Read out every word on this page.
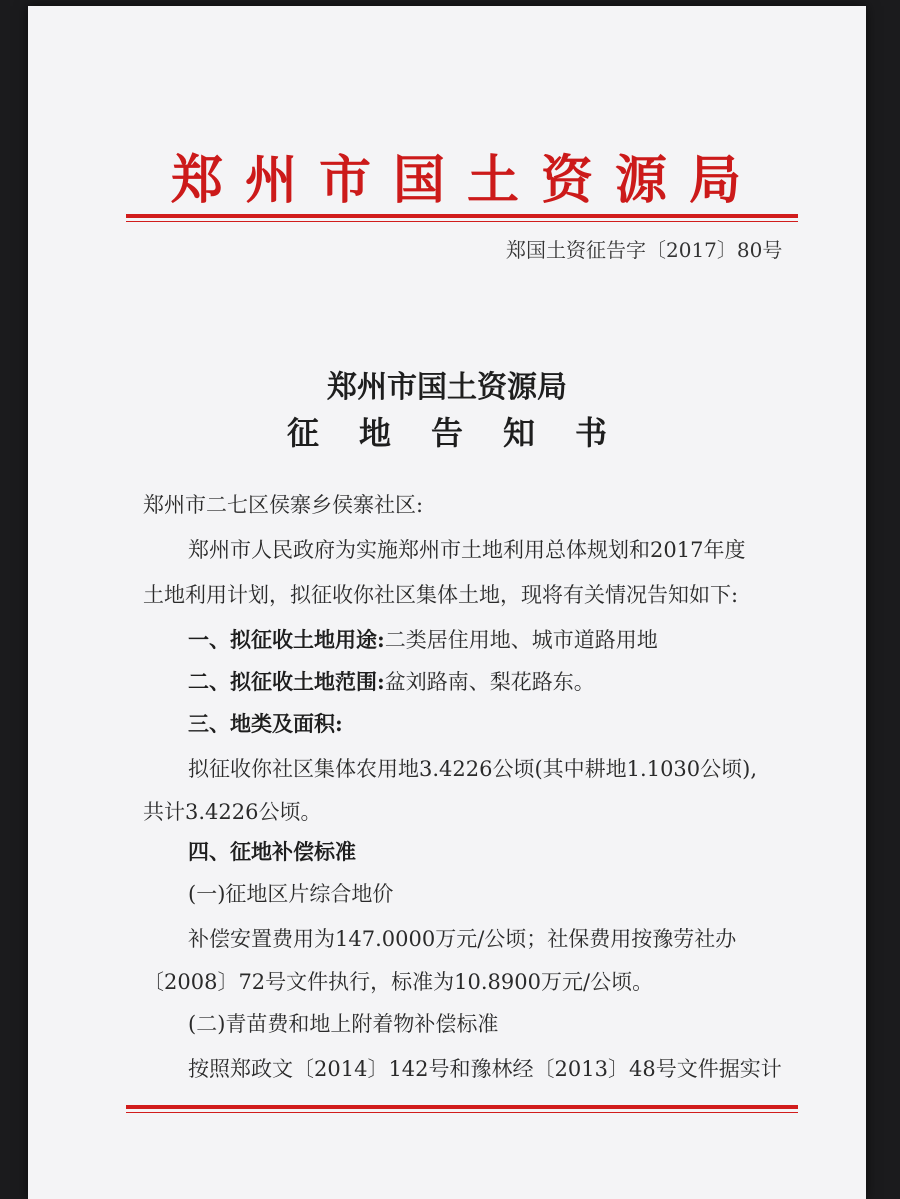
郑州市国土资源局
郑国土资征告字〔2017〕80号
郑州市国土资源局
征地告知书
郑州市二七区侯寨乡侯寨社区:
郑州市人民政府为实施郑州市土地利用总体规划和2017年度
土地利用计划，拟征收你社区集体土地，现将有关情况告知如下:
一、拟征收土地用途:二类居住用地、城市道路用地
二、拟征收土地范围:盆刘路南、梨花路东。
三、地类及面积:
拟征收你社区集体农用地3.4226公顷(其中耕地1.1030公顷),
共计3.4226公顷。
四、征地补偿标准
(一)征地区片综合地价
补偿安置费用为147.0000万元/公顷；社保费用按豫劳社办
〔2008〕72号文件执行，标准为10.8900万元/公顷。
(二)青苗费和地上附着物补偿标准
按照郑政文〔2014〕142号和豫林经〔2013〕48号文件据实计
